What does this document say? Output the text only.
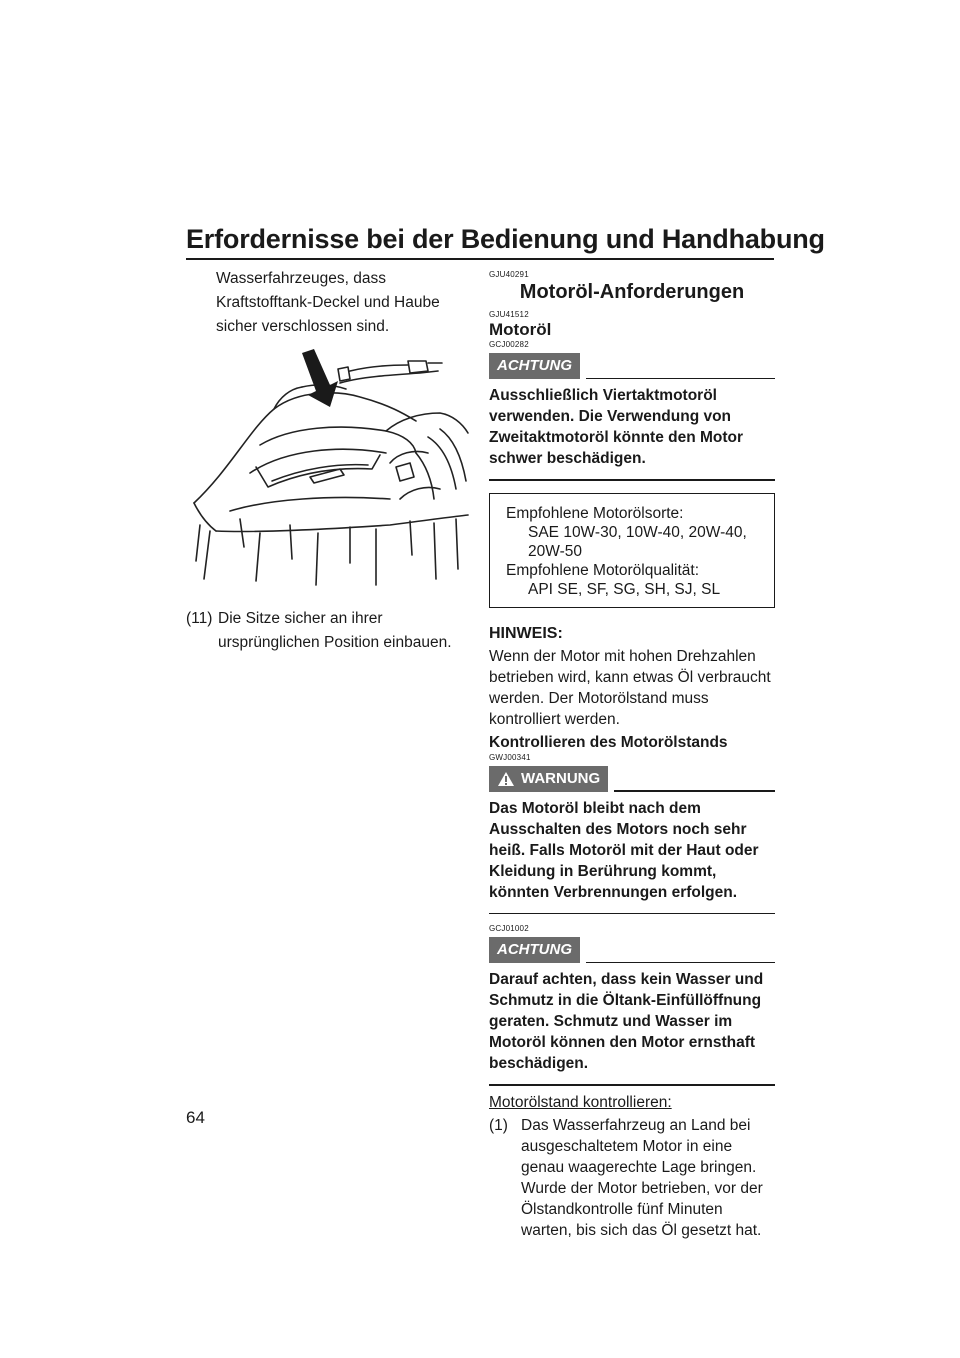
Erfordernisse bei der Bedienung und Handhabung

Wasserfahrzeuges, dass Kraftstofftank-Deckel und Haube sicher verschlossen sind.

(11) Die Sitze sicher an ihrer ursprünglichen Position einbauen.

GJU40291
Motoröl-Anforderungen
GJU41512
Motoröl
GCJ00282
ACHTUNG

Ausschließlich Viertaktmotoröl verwenden. Die Verwendung von Zweitaktmotoröl könnte den Motor schwer beschädigen.

Empfohlene Motorölsorte:
SAE 10W-30, 10W-40, 20W-40, 20W-50
Empfohlene Motorölqualität:
API SE, SF, SG, SH, SJ, SL
HINWEIS:

Wenn der Motor mit hohen Drehzahlen betrieben wird, kann etwas Öl verbraucht werden. Der Motorölstand muss kontrolliert werden.

Kontrollieren des Motorölstands
GWJ00341
WARNUNG

Das Motoröl bleibt nach dem Ausschalten des Motors noch sehr heiß. Falls Motoröl mit der Haut oder Kleidung in Berührung kommt, könnten Verbrennungen erfolgen.

GCJ01002
ACHTUNG

Darauf achten, dass kein Wasser und Schmutz in die Öltank-Einfüllöffnung geraten. Schmutz und Wasser im Motoröl können den Motor ernsthaft beschädigen.

Motorölstand kontrollieren:
(1) Das Wasserfahrzeug an Land bei ausgeschaltetem Motor in eine genau waagerechte Lage bringen. Wurde der Motor betrieben, vor der Ölstandkontrolle fünf Minuten warten, bis sich das Öl gesetzt hat.

64
